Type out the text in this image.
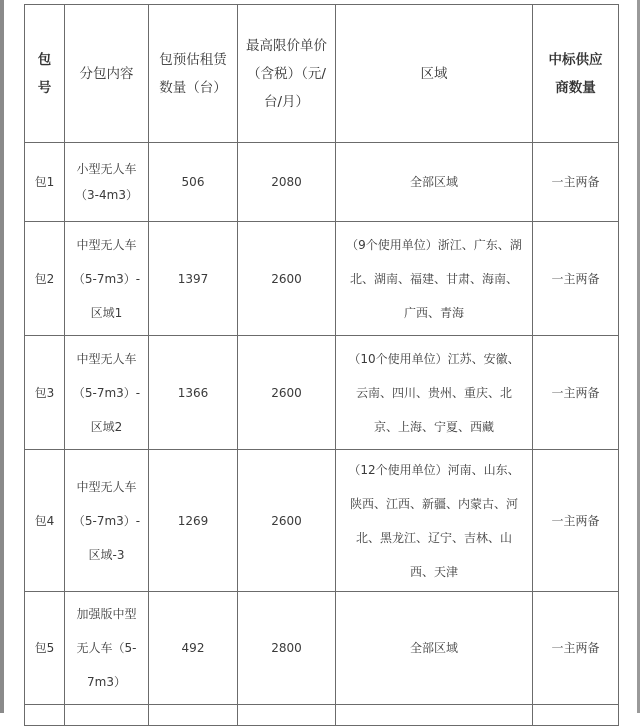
包号	分包内容	包预估租赁数量（台）	最高限价单价（含税）（元/台/月）	区域	中标供应商数量
包1	小型无人车（3-4m3）	506	2080	全部区域	一主两备
包2	中型无人车（5-7m3）-区域1	1397	2600	（9个使用单位）浙江、广东、湖北、湖南、福建、甘肃、海南、广西、青海	一主两备
包3	中型无人车（5-7m3）-区域2	1366	2600	（10个使用单位）江苏、安徽、云南、四川、贵州、重庆、北京、上海、宁夏、西藏	一主两备
包4	中型无人车（5-7m3）-区域-3	1269	2600	（12个使用单位）河南、山东、陕西、江西、新疆、内蒙古、河北、黑龙江、辽宁、吉林、山西、天津	一主两备
包5	加强版中型无人车（5-7m3）	492	2800	全部区域	一主两备
